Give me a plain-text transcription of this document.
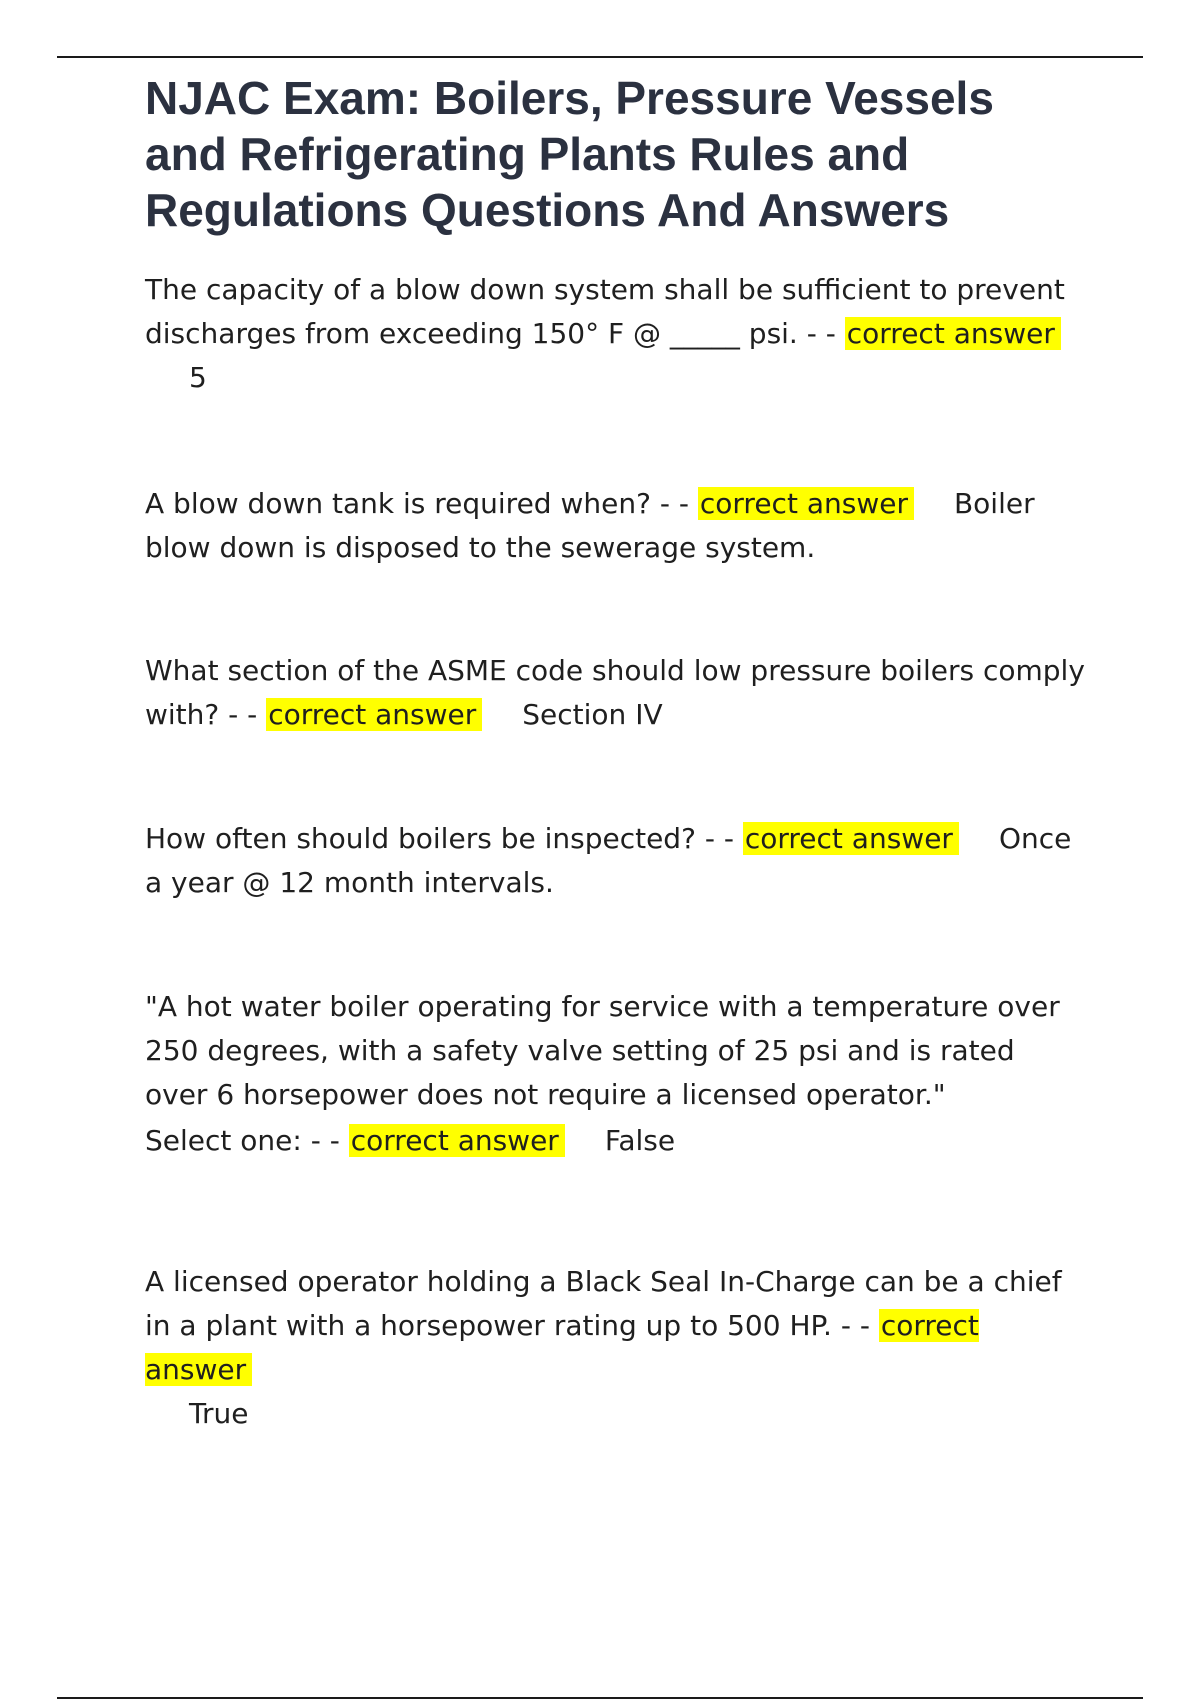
NJAC Exam: Boilers, Pressure Vessels and Refrigerating Plants Rules and Regulations Questions And Answers

The capacity of a blow down system shall be sufficient to prevent discharges from exceeding 150° F @ _____ psi. - - correct answer

5

A blow down tank is required when? - - correct answer Boiler blow down is disposed to the sewerage system.

What section of the ASME code should low pressure boilers comply with? - - correct answer Section IV

How often should boilers be inspected? - - correct answer Once a year @ 12 month intervals.

"A hot water boiler operating for service with a temperature over 250 degrees, with a safety valve setting of 25 psi and is rated over 6 horsepower does not require a licensed operator."

Select one: - - correct answer False

A licensed operator holding a Black Seal In-Charge can be a chief in a plant with a horsepower rating up to 500 HP. - - correct answer

True
